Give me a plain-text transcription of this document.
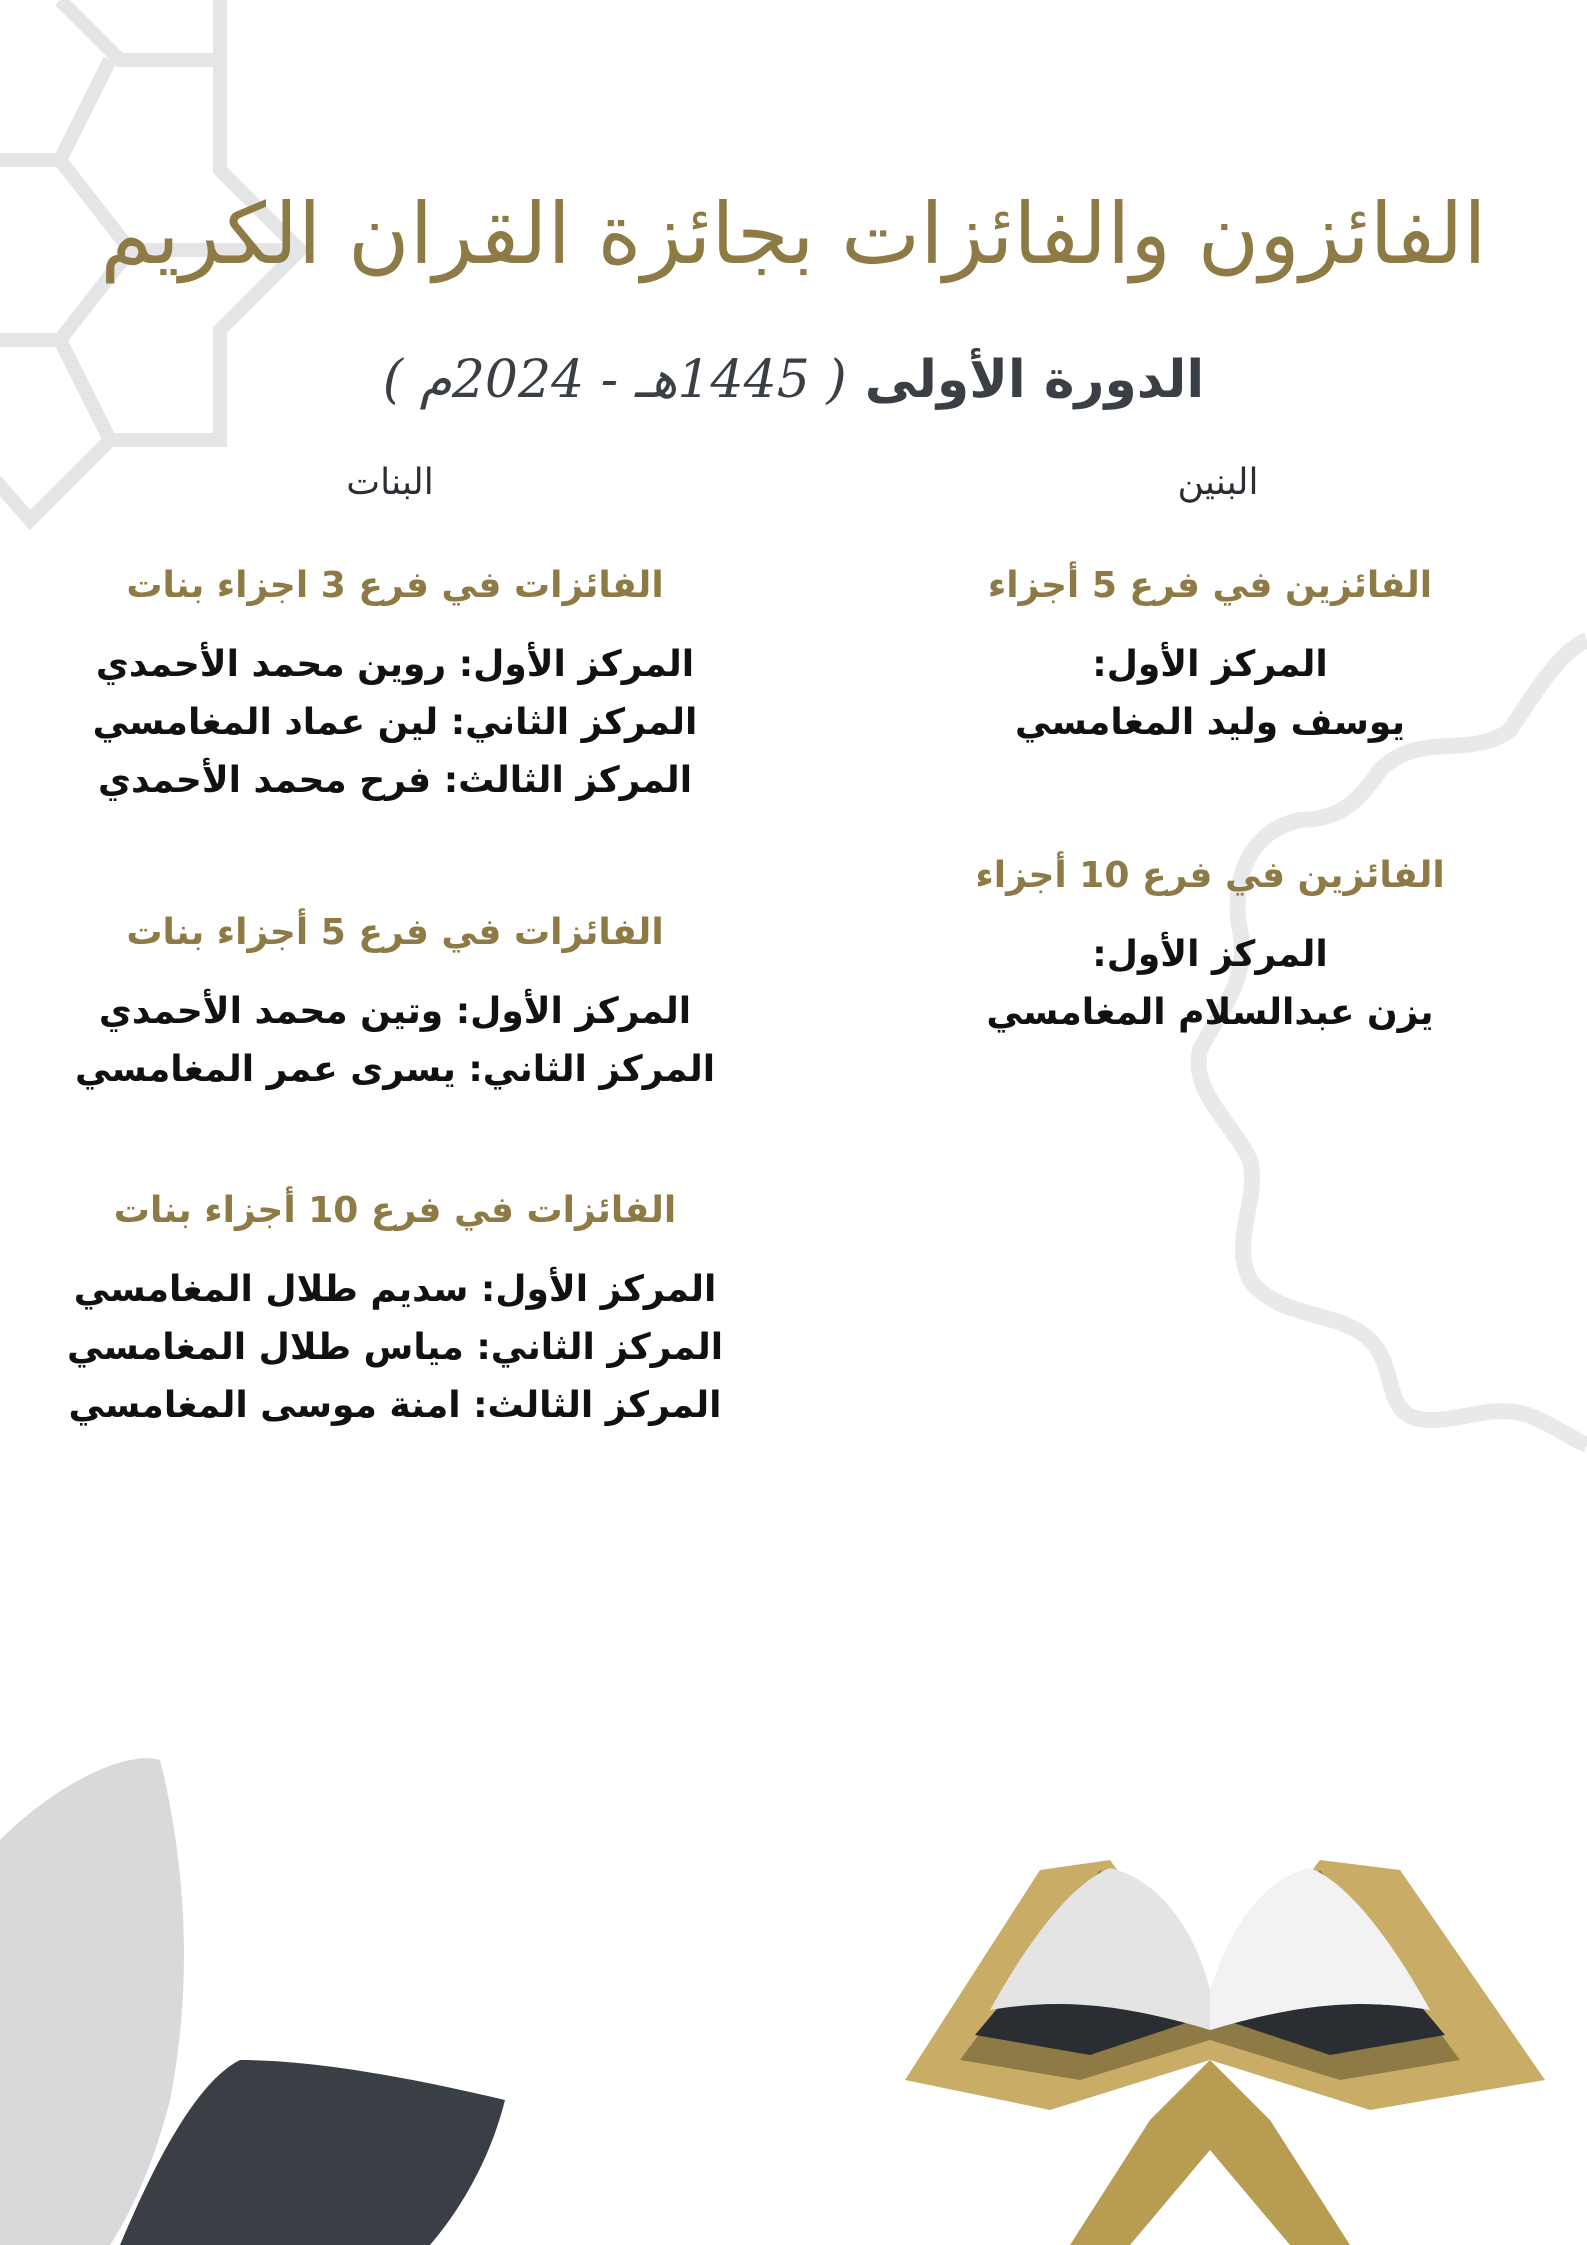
الفائزون والفائزات بجائزة القران الكريم
الدورة الأولى ( 1445هـ - 2024م )
البنين
البنات
الفائزين في فرع 5 أجزاء
المركز الأول:
يوسف وليد المغامسي
الفائزين في فرع 10 أجزاء
المركز الأول:
يزن عبدالسلام المغامسي
الفائزات في فرع 3 اجزاء بنات
المركز الأول: روين محمد الأحمدي
المركز الثاني: لين عماد المغامسي
المركز الثالث: فرح محمد الأحمدي
الفائزات في فرع 5 أجزاء بنات
المركز الأول: وتين محمد الأحمدي
المركز الثاني: يسرى عمر المغامسي
الفائزات في فرع 10 أجزاء بنات
المركز الأول: سديم طلال المغامسي
المركز الثاني: مياس طلال المغامسي
المركز الثالث: امنة موسى المغامسي
